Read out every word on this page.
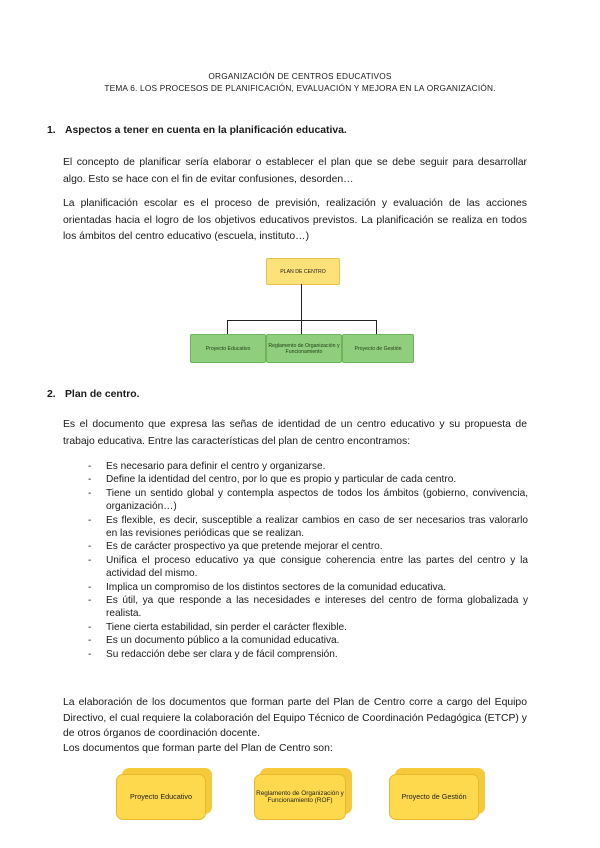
ORGANIZACIÓN DE CENTROS EDUCATIVOS
TEMA 6. LOS PROCESOS DE PLANIFICACIÓN, EVALUACIÓN Y MEJORA EN LA ORGANIZACIÓN.
1. Aspectos a tener en cuenta en la planificación educativa.
El concepto de planificar sería elaborar o establecer el plan que se debe seguir para desarrollar algo. Esto se hace con el fin de evitar confusiones, desorden…
La planificación escolar es el proceso de previsión, realización y evaluación de las acciones orientadas hacia el logro de los objetivos educativos previstos. La planificación se realiza en todos los ámbitos del centro educativo (escuela, instituto…)
PLAN DE CENTRO
Proyecto Educativo	Reglamento de Organización y Funcionamiento	Proyecto de Gestión
2. Plan de centro.
Es el documento que expresa las señas de identidad de un centro educativo y su propuesta de trabajo educativa. Entre las características del plan de centro encontramos:
- Es necesario para definir el centro y organizarse.
- Define la identidad del centro, por lo que es propio y particular de cada centro.
- Tiene un sentido global y contempla aspectos de todos los ámbitos (gobierno, convivencia, organización…)
- Es flexible, es decir, susceptible a realizar cambios en caso de ser necesarios tras valorarlo en las revisiones periódicas que se realizan.
- Es de carácter prospectivo ya que pretende mejorar el centro.
- Unifica el proceso educativo ya que consigue coherencia entre las partes del centro y la actividad del mismo.
- Implica un compromiso de los distintos sectores de la comunidad educativa.
- Es útil, ya que responde a las necesidades e intereses del centro de forma globalizada y realista.
- Tiene cierta estabilidad, sin perder el carácter flexible.
- Es un documento público a la comunidad educativa.
- Su redacción debe ser clara y de fácil comprensión.
La elaboración de los documentos que forman parte del Plan de Centro corre a cargo del Equipo Directivo, el cual requiere la colaboración del Equipo Técnico de Coordinación Pedagógica (ETCP) y de otros órganos de coordinación docente.
Los documentos que forman parte del Plan de Centro son:
Proyecto Educativo	Reglamento de Organización y Funcionamiento (ROF)	Proyecto de Gestión
